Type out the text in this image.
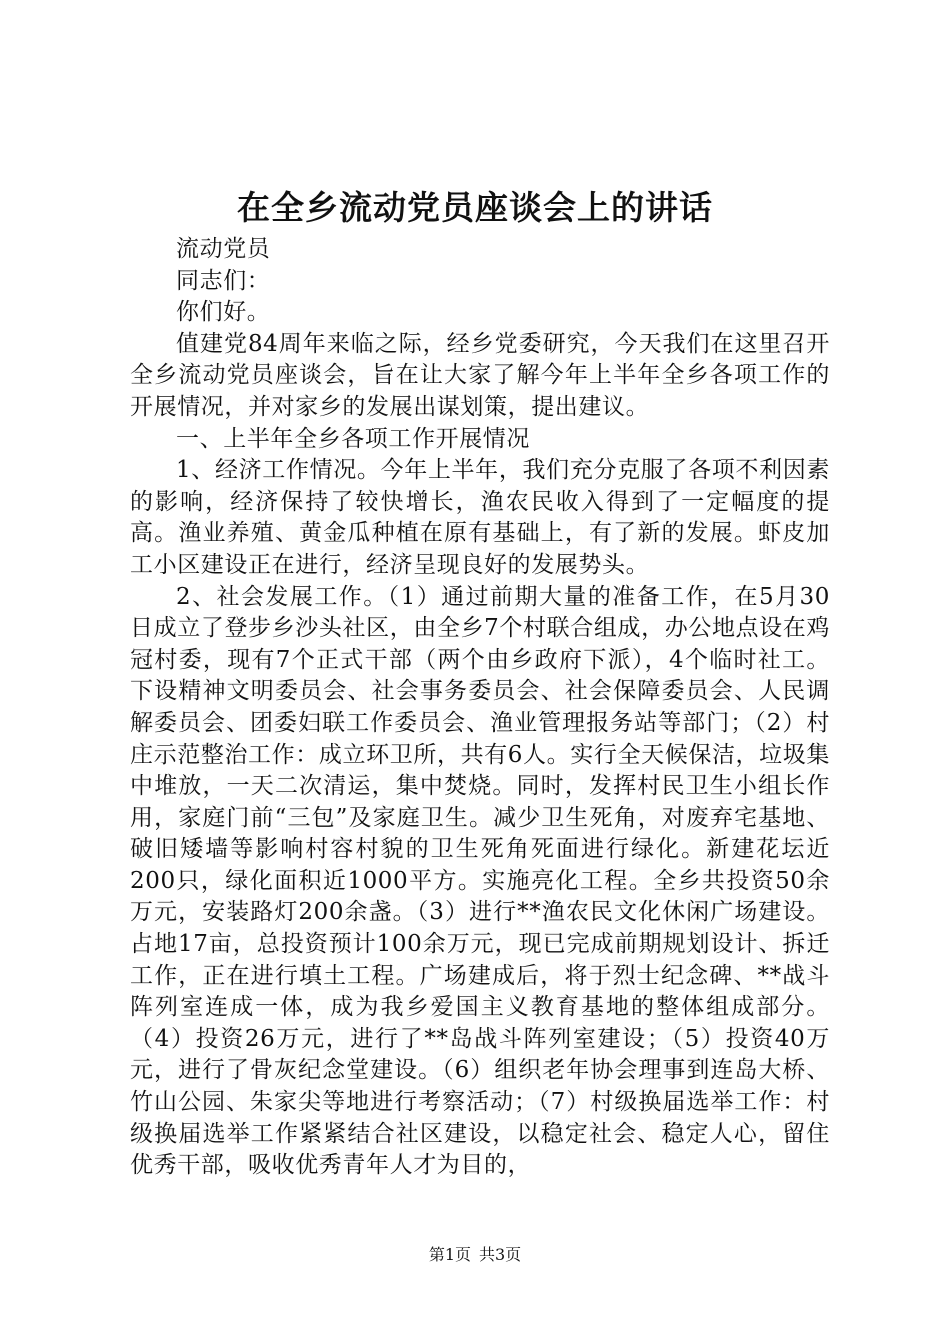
在全乡流动党员座谈会上的讲话

流动党员

同志们：

你们好。

值建党84周年来临之际，经乡党委研究，今天我们在这里召开全乡流动党员座谈会，旨在让大家了解今年上半年全乡各项工作的开展情况，并对家乡的发展出谋划策，提出建议。

一、上半年全乡各项工作开展情况

1、经济工作情况。今年上半年，我们充分克服了各项不利因素的影响，经济保持了较快增长，渔农民收入得到了一定幅度的提高。渔业养殖、黄金瓜种植在原有基础上，有了新的发展。虾皮加工小区建设正在进行，经济呈现良好的发展势头。

2、社会发展工作。（1）通过前期大量的准备工作，在5月30日成立了登步乡沙头社区，由全乡7个村联合组成，办公地点设在鸡冠村委，现有7个正式干部（两个由乡政府下派），4个临时社工。下设精神文明委员会、社会事务委员会、社会保障委员会、人民调解委员会、团委妇联工作委员会、渔业管理报务站等部门；（2）村庄示范整治工作：成立环卫所，共有6人。实行全天候保洁，垃圾集中堆放，一天二次清运，集中焚烧。同时，发挥村民卫生小组长作用，家庭门前“三包”及家庭卫生。减少卫生死角，对废弃宅基地、破旧矮墙等影响村容村貌的卫生死角死面进行绿化。新建花坛近200只，绿化面积近1000平方。实施亮化工程。全乡共投资50余万元，安装路灯200余盏。（3）进行**渔农民文化休闲广场建设。占地17亩，总投资预计100余万元，现已完成前期规划设计、拆迁工作，正在进行填土工程。广场建成后，将于烈士纪念碑、**战斗阵列室连成一体，成为我乡爱国主义教育基地的整体组成部分。（4）投资26万元，进行了**岛战斗阵列室建设；（5）投资40万元，进行了骨灰纪念堂建设。（6）组织老年协会理事到连岛大桥、竹山公园、朱家尖等地进行考察活动；（7）村级换届选举工作：村级换届选举工作紧紧结合社区建设，以稳定社会、稳定人心，留住优秀干部，吸收优秀青年人才为目的，

第1页 共3页
